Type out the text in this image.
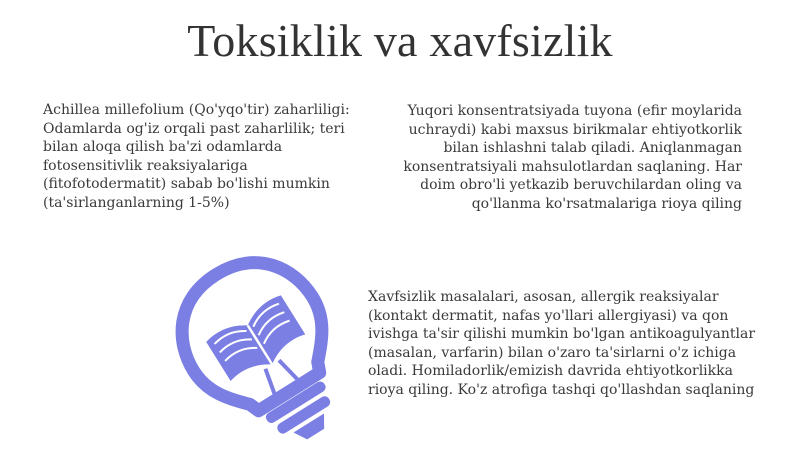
Toksiklik va xavfsizlik

Achillea millefolium (Qo'yqo'tir) zaharliligi: Odamlarda og'iz orqali past zaharlilik; teri bilan aloqa qilish ba'zi odamlarda fotosensitivlik reaksiyalariga (fitofotodermatit) sabab bo'lishi mumkin (ta'sirlanganlarning 1-5%)

Yuqori konsentratsiyada tuyona (efir moylarida uchraydi) kabi maxsus birikmalar ehtiyotkorlik bilan ishlashni talab qiladi. Aniqlanmagan konsentratsiyali mahsulotlardan saqlaning. Har doim obro'li yetkazib beruvchilardan oling va qo'llanma ko'rsatmalariga rioya qiling

Xavfsizlik masalalari, asosan, allergik reaksiyalar (kontakt dermatit, nafas yo'llari allergiyasi) va qon ivishga ta'sir qilishi mumkin bo'lgan antikoagulyantlar (masalan, varfarin) bilan o'zaro ta'sirlarni o'z ichiga oladi. Homiladorlik/emizish davrida ehtiyotkorlikka rioya qiling. Ko'z atrofiga tashqi qo'llashdan saqlaning
